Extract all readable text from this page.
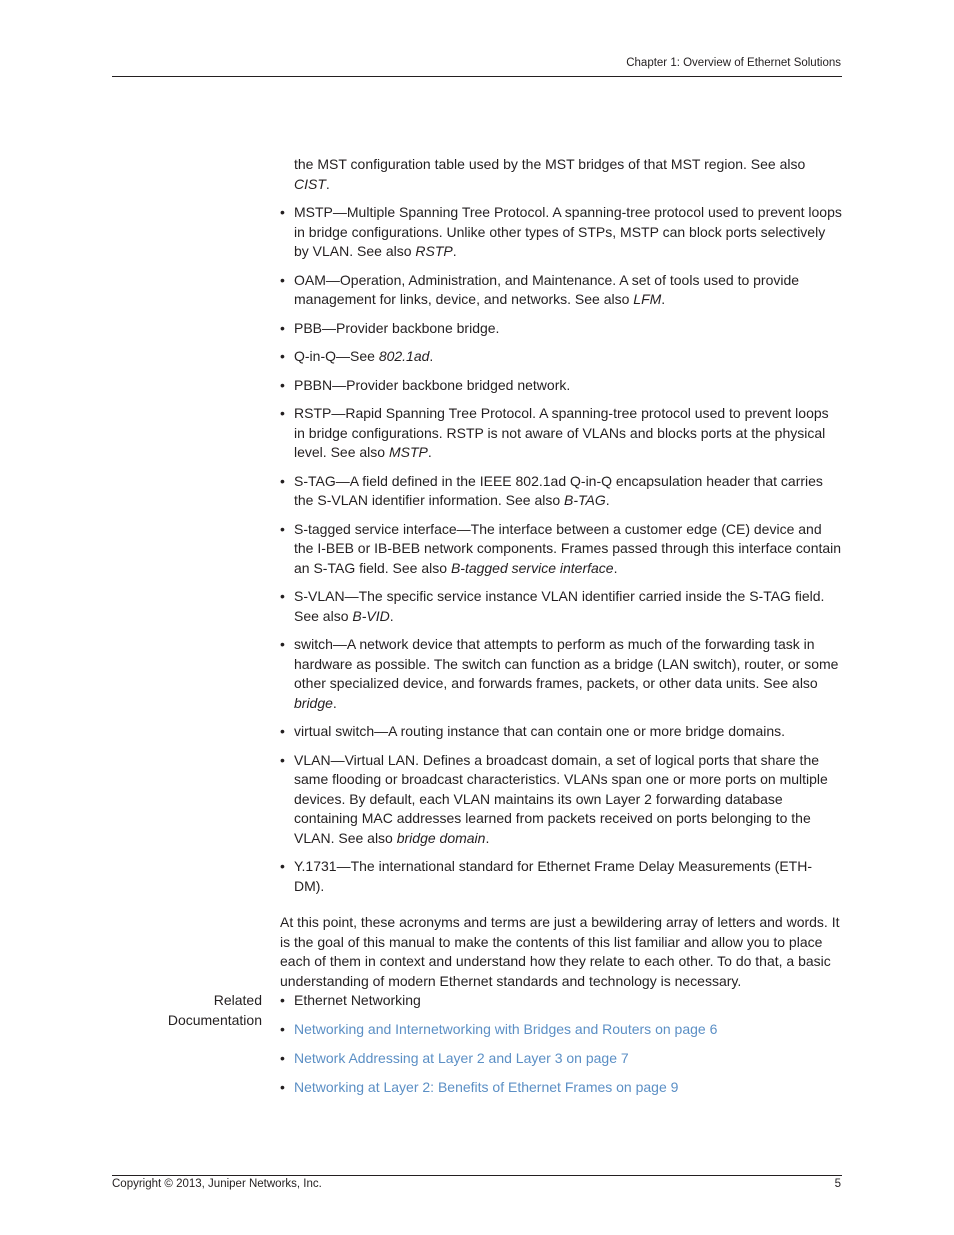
Chapter 1: Overview of Ethernet Solutions

the MST configuration table used by the MST bridges of that MST region. See also CIST.

• MSTP—Multiple Spanning Tree Protocol. A spanning-tree protocol used to prevent loops in bridge configurations. Unlike other types of STPs, MSTP can block ports selectively by VLAN. See also RSTP.
• OAM—Operation, Administration, and Maintenance. A set of tools used to provide management for links, device, and networks. See also LFM.
• PBB—Provider backbone bridge.
• Q-in-Q—See 802.1ad.
• PBBN—Provider backbone bridged network.
• RSTP—Rapid Spanning Tree Protocol. A spanning-tree protocol used to prevent loops in bridge configurations. RSTP is not aware of VLANs and blocks ports at the physical level. See also MSTP.
• S-TAG—A field defined in the IEEE 802.1ad Q-in-Q encapsulation header that carries the S-VLAN identifier information. See also B-TAG.
• S-tagged service interface—The interface between a customer edge (CE) device and the I-BEB or IB-BEB network components. Frames passed through this interface contain an S-TAG field. See also B-tagged service interface.
• S-VLAN—The specific service instance VLAN identifier carried inside the S-TAG field. See also B-VID.
• switch—A network device that attempts to perform as much of the forwarding task in hardware as possible. The switch can function as a bridge (LAN switch), router, or some other specialized device, and forwards frames, packets, or other data units. See also bridge.
• virtual switch—A routing instance that can contain one or more bridge domains.
• VLAN—Virtual LAN. Defines a broadcast domain, a set of logical ports that share the same flooding or broadcast characteristics. VLANs span one or more ports on multiple devices. By default, each VLAN maintains its own Layer 2 forwarding database containing MAC addresses learned from packets received on ports belonging to the VLAN. See also bridge domain.
• Y.1731—The international standard for Ethernet Frame Delay Measurements (ETH-DM).

At this point, these acronyms and terms are just a bewildering array of letters and words. It is the goal of this manual to make the contents of this list familiar and allow you to place each of them in context and understand how they relate to each other. To do that, a basic understanding of modern Ethernet standards and technology is necessary.

Related
Documentation
• Ethernet Networking
• Networking and Internetworking with Bridges and Routers on page 6
• Network Addressing at Layer 2 and Layer 3 on page 7
• Networking at Layer 2: Benefits of Ethernet Frames on page 9
Copyright © 2013, Juniper Networks, Inc.	5
